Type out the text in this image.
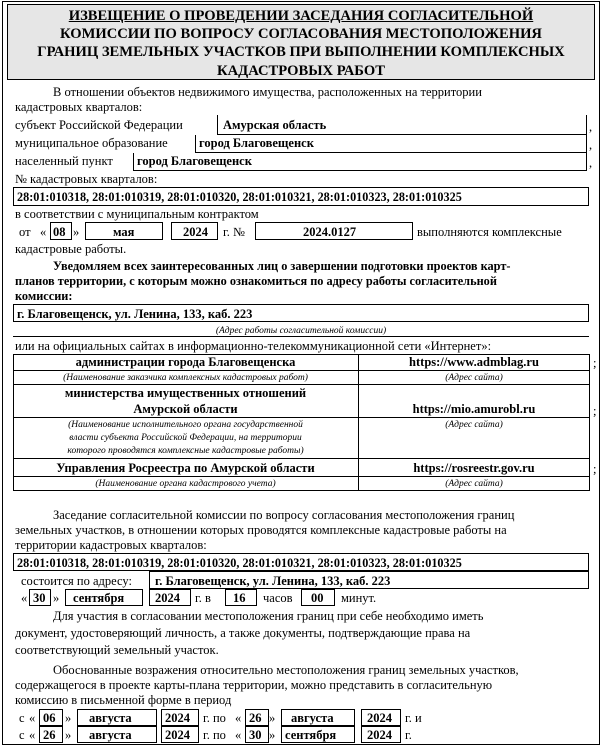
ИЗВЕЩЕНИЕ О ПРОВЕДЕНИИ ЗАСЕДАНИЯ СОГЛАСИТЕЛЬНОЙ
КОМИССИИ ПО ВОПРОСУ СОГЛАСОВАНИЯ МЕСТОПОЛОЖЕНИЯ
ГРАНИЦ ЗЕМЕЛЬНЫХ УЧАСТКОВ ПРИ ВЫПОЛНЕНИИ КОМПЛЕКСНЫХ
КАДАСТРОВЫХ РАБОТ
В отношении объектов недвижимого имущества, расположенных на территории
кадастровых кварталов:
субъект Российской Федерации	Амурская область	,
муниципальное образование	город Благовещенск	,
населенный пункт город Благовещенск	,
№ кадастровых кварталов:
28:01:010318, 28:01:010319, 28:01:010320, 28:01:010321, 28:01:010323, 28:01:010325
в соответствии с муниципальным контрактом
от « 08 »	мая	2024 г. №	2024.0127	выполняются комплексные
кадастровые работы.
Уведомляем всех заинтересованных лиц о завершении подготовки проектов карт-
планов территории, с которым можно ознакомиться по адресу работы согласительной
комиссии:
г. Благовещенск, ул. Ленина, 133, каб. 223
(Адрес работы согласительной комиссии)
или на официальных сайтах в информационно-телекоммуникационной сети «Интернет»:
администрации города Благовещенска	https://www.admblag.ru	;
(Наименование заказчика комплексных кадастровых работ)	(Адрес сайта)
министерства имущественных отношений
Амурской области	https://mio.amurobl.ru	;
(Наименование исполнительного органа государственной
власти субъекта Российской Федерации, на территории
которого проводятся комплексные кадастровые работы)
(Адрес сайта)
Управления Росреестра по Амурской области	https://rosreestr.gov.ru	;
(Наименование органа кадастрового учета)	(Адрес сайта)
Заседание согласительной комиссии по вопросу согласования местоположения границ
земельных участков, в отношении которых проводятся комплексные кадастровые работы на
территории кадастровых кварталов:
28:01:010318, 28:01:010319, 28:01:010320, 28:01:010321, 28:01:010323, 28:01:010325
состоится по адресу: г. Благовещенск, ул. Ленина, 133, каб. 223
« 30 » сентября 2024 г. в 16 часов 00 минут.
Для участия в согласовании местоположения границ при себе необходимо иметь
документ, удостоверяющий личность, а также документы, подтверждающие права на
соответствующий земельный участок.
Обоснованные возражения относительно местоположения границ земельных участков,
содержащегося в проекте карты-плана территории, можно представить в согласительную
комиссию в письменной форме в период
с « 06 » августа	2024 г. по « 26 » августа	2024 г. и
с « 26 » августа	2024 г. по « 30 » сентября 2024 г.
